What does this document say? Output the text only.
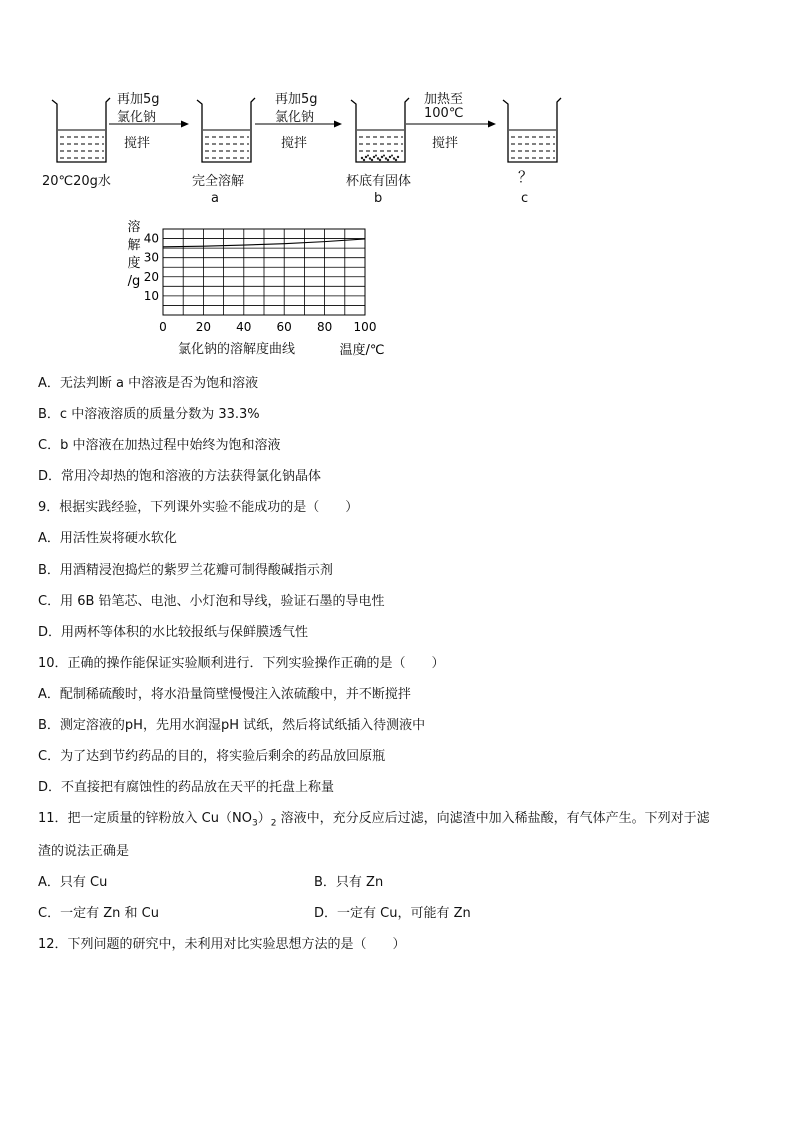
再加5g
氯化钠
搅拌
再加5g
氯化钠
搅拌
加热至
100℃
搅拌
20℃20g水	完全溶解
a
杯底有固体
b
？
c
0 20 40 60 80 100
10
20
30
40
溶
解
度
/g
温度/℃
氯化钠的溶解度曲线
A．无法判断 a 中溶液是否为饱和溶液
B．c 中溶液溶质的质量分数为 33.3%
C．b 中溶液在加热过程中始终为饱和溶液
D．常用冷却热的饱和溶液的方法获得氯化钠晶体
9．根据实践经验，下列课外实验不能成功的是（　　）
A．用活性炭将硬水软化
B．用酒精浸泡捣烂的紫罗兰花瓣可制得酸碱指示剂
C．用 6B 铅笔芯、电池、小灯泡和导线，验证石墨的导电性
D．用两杯等体积的水比较报纸与保鲜膜透气性
10．正确的操作能保证实验顺利进行．下列实验操作正确的是（　　）
A．配制稀硫酸时，将水沿量筒壁慢慢注入浓硫酸中，并不断搅拌
B．测定溶液的pH，先用水润湿pH 试纸，然后将试纸插入待测液中
C．为了达到节约药品的目的，将实验后剩余的药品放回原瓶
D．不直接把有腐蚀性的药品放在天平的托盘上称量
11．把一定质量的锌粉放入 $Cu(NO_3)_2$ 溶液中，充分反应后过滤，向滤渣中加入稀盐酸，有气体产生。下列对于滤
渣的说法正确是
A．只有 Cu	B．只有 Zn
C．一定有 Zn 和 Cu	D．一定有 Cu，可能有 Zn
12．下列问题的研究中，未利用对比实验思想方法的是（　　）
